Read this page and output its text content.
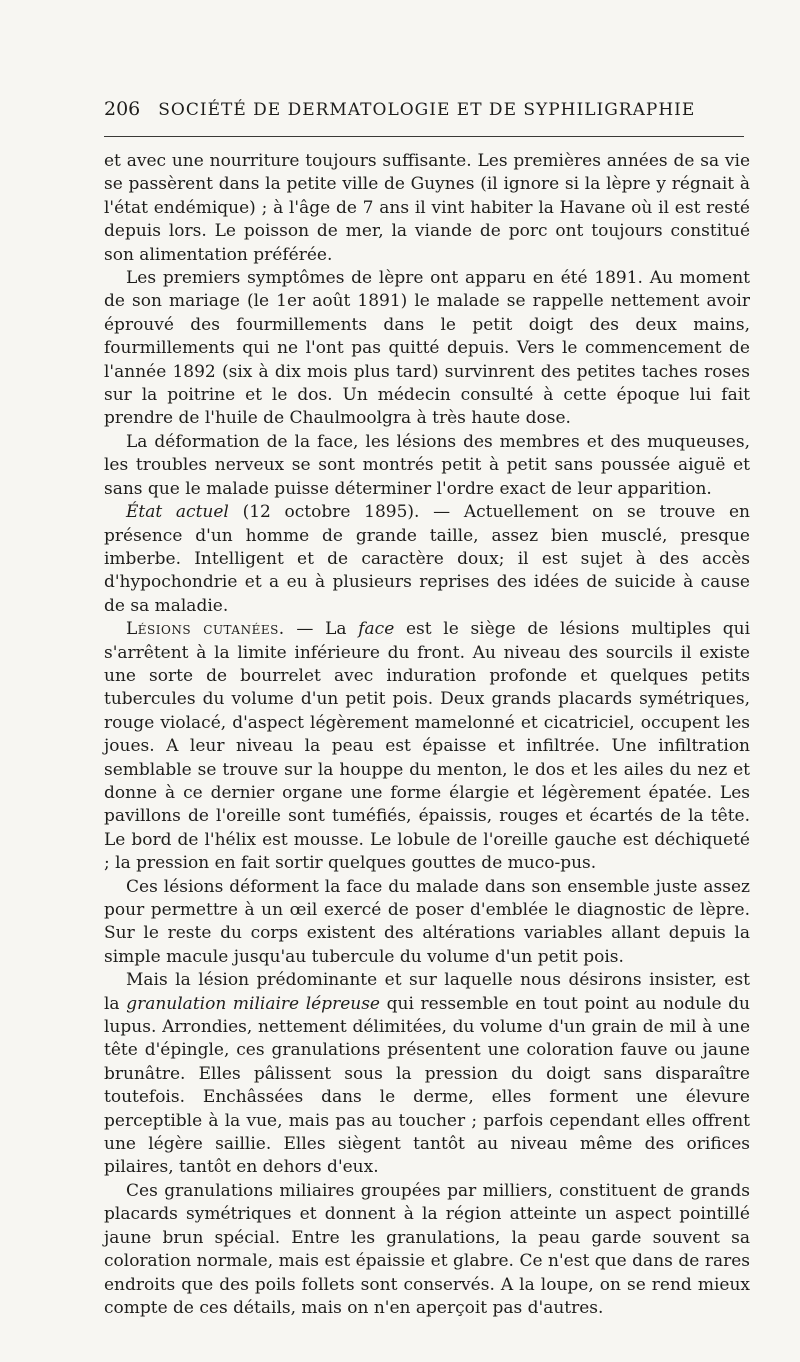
206 SOCIÉTÉ DE DERMATOLOGIE ET DE SYPHILIGRAPHIE

et avec une nourriture toujours suffisante. Les premières années de sa vie se passèrent dans la petite ville de Guynes (il ignore si la lèpre y régnait à l'état endémique) ; à l'âge de 7 ans il vint habiter la Havane où il est resté depuis lors. Le poisson de mer, la viande de porc ont toujours constitué son alimentation préférée.

Les premiers symptômes de lèpre ont apparu en été 1891. Au moment de son mariage (le 1er août 1891) le malade se rappelle nettement avoir éprouvé des fourmillements dans le petit doigt des deux mains, fourmillements qui ne l'ont pas quitté depuis. Vers le commencement de l'année 1892 (six à dix mois plus tard) survinrent des petites taches roses sur la poitrine et le dos. Un médecin consulté à cette époque lui fait prendre de l'huile de Chaulmoolgra à très haute dose.

La déformation de la face, les lésions des membres et des muqueuses, les troubles nerveux se sont montrés petit à petit sans poussée aiguë et sans que le malade puisse déterminer l'ordre exact de leur apparition.

État actuel (12 octobre 1895). — Actuellement on se trouve en présence d'un homme de grande taille, assez bien musclé, presque imberbe. Intelligent et de caractère doux; il est sujet à des accès d'hypochondrie et a eu à plusieurs reprises des idées de suicide à cause de sa maladie.

Lésions cutanées. — La face est le siège de lésions multiples qui s'arrêtent à la limite inférieure du front. Au niveau des sourcils il existe une sorte de bourrelet avec induration profonde et quelques petits tubercules du volume d'un petit pois. Deux grands placards symétriques, rouge violacé, d'aspect légèrement mamelonné et cicatriciel, occupent les joues. A leur niveau la peau est épaisse et infiltrée. Une infiltration semblable se trouve sur la houppe du menton, le dos et les ailes du nez et donne à ce dernier organe une forme élargie et légèrement épatée. Les pavillons de l'oreille sont tuméfiés, épaissis, rouges et écartés de la tête. Le bord de l'hélix est mousse. Le lobule de l'oreille gauche est déchiqueté ; la pression en fait sortir quelques gouttes de muco-pus.

Ces lésions déforment la face du malade dans son ensemble juste assez pour permettre à un œil exercé de poser d'emblée le diagnostic de lèpre. Sur le reste du corps existent des altérations variables allant depuis la simple macule jusqu'au tubercule du volume d'un petit pois.

Mais la lésion prédominante et sur laquelle nous désirons insister, est la granulation miliaire lépreuse qui ressemble en tout point au nodule du lupus. Arrondies, nettement délimitées, du volume d'un grain de mil à une tête d'épingle, ces granulations présentent une coloration fauve ou jaune brunâtre. Elles pâlissent sous la pression du doigt sans disparaître toutefois. Enchâssées dans le derme, elles forment une élevure perceptible à la vue, mais pas au toucher ; parfois cependant elles offrent une légère saillie. Elles siègent tantôt au niveau même des orifices pilaires, tantôt en dehors d'eux.

Ces granulations miliaires groupées par milliers, constituent de grands placards symétriques et donnent à la région atteinte un aspect pointillé jaune brun spécial. Entre les granulations, la peau garde souvent sa coloration normale, mais est épaissie et glabre. Ce n'est que dans de rares endroits que des poils follets sont conservés. A la loupe, on se rend mieux compte de ces détails, mais on n'en aperçoit pas d'autres.
